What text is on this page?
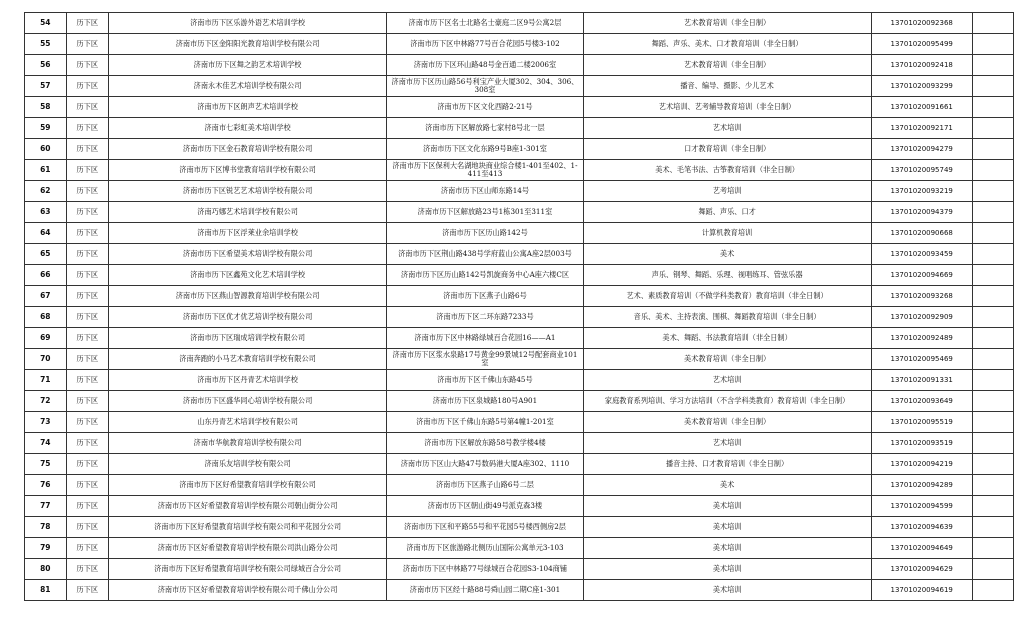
54	历下区	济南市历下区乐游外语艺术培训学校	济南市历下区名士北路名士豪庭二区9号公寓2层	艺术教育培训（非全日制）	13701020092368	
55	历下区	济南市历下区金阳阳光教育培训学校有限公司	济南市历下区中林路77号百合花园5号楼3-102	舞蹈、声乐、美术、口才教育培训（非全日制）	13701020095499	
56	历下区	济南市历下区舞之韵艺术培训学校	济南市历下区环山路48号金百通二楼2006室	艺术教育培训（非全日制）	13701020092418	
57	历下区	济南永木佳艺术培训学校有限公司	济南市历下区历山路56号利宝产业大厦302、304、306、308室	播音、编导、摄影、少儿艺术	13701020093299	
58	历下区	济南市历下区朗声艺术培训学校	济南市历下区文化西路2-21号	艺术培训、艺考辅导教育培训（非全日制）	13701020091661	
59	历下区	济南市七彩虹美术培训学校	济南市历下区解放路七家村8号北一层	艺术培训	13701020092171	
60	历下区	济南市历下区金石教育培训学校有限公司	济南市历下区文化东路9号B座1-301室	口才教育培训（非全日制）	13701020094279	
61	历下区	济南市历下区博书堂教育培训学校有限公司	济南市历下区保利大名湖地块商业综合楼1-401至402、1-411至413	美术、毛笔书法、古筝教育培训（非全日制）	13701020095749	
62	历下区	济南市历下区锐艺艺术培训学校有限公司	济南市历下区山师东路14号	艺考培训	13701020093219	
63	历下区	济南巧娜艺术培训学校有限公司	济南市历下区解放路23号1栋301至311室	舞蹈、声乐、口才	13701020094379	
64	历下区	济南市历下区浮莱业余培训学校	济南市历下区历山路142号	计算机教育培训	13701020090668	
65	历下区	济南市历下区希望美术培训学校有限公司	济南市历下区荆山路438号学府蓝山公寓A座2层003号	美术	13701020093459	
66	历下区	济南市历下区鑫苑文化艺术培训学校	济南市历下区历山路142号凯旋商务中心A座六楼C区	声乐、钢琴、舞蹈、乐理、视唱练耳、管弦乐器	13701020094669	
67	历下区	济南市历下区燕山智源教育培训学校有限公司	济南市历下区燕子山路6号	艺术、素质教育培训（不做学科类教育）教育培训（非全日制）	13701020093268	
68	历下区	济南市历下区优才优艺培训学校有限公司	济南市历下区二环东路7233号	音乐、美术、主持表演、围棋、舞蹈教育培训（非全日制）	13701020092909	
69	历下区	济南市历下区瑞成培训学校有限公司	济南市历下区中林路绿城百合花园16——A1	美术、舞蹈、书法教育培训（非全日制）	13701020092489	
70	历下区	济南奔跑的小马艺术教育培训学校有限公司	济南市历下区浆水泉路17号黄金99景城12号配套商业101室	美术教育培训（非全日制）	13701020095469	
71	历下区	济南市历下区丹青艺术培训学校	济南市历下区千佛山东路45号	艺术培训	13701020091331	
72	历下区	济南市历下区盛华同心培训学校有限公司	济南市历下区泉城路180号A901	家庭教育系列培训、学习方法培训（不含学科类教育）教育培训（非全日制）	13701020093649	
73	历下区	山东丹青艺术培训学校有限公司	济南市历下区千佛山东路5号第4幢1-201室	美术教育培训（非全日制）	13701020095519	
74	历下区	济南市华航教育培训学校有限公司	济南市历下区解放东路58号教学楼4楼	艺术培训	13701020093519	
75	历下区	济南乐友培训学校有限公司	济南市历下区山大路47号数码港大厦A座302、1110	播音主持、口才教育培训（非全日制）	13701020094219	
76	历下区	济南市历下区好希望教育培训学校有限公司	济南市历下区燕子山路6号二层	美术	13701020094289	
77	历下区	济南市历下区好希望教育培训学校有限公司朝山街分公司	济南市历下区朝山街49号派克森3楼	美术培训	13701020094599	
78	历下区	济南市历下区好希望教育培训学校有限公司和平花园分公司	济南市历下区和平路55号和平花园5号楼西侧房2层	美术培训	13701020094639	
79	历下区	济南市历下区好希望教育培训学校有限公司洪山路分公司	济南市历下区旅游路北侧历山国际公寓单元3-103	美术培训	13701020094649	
80	历下区	济南市历下区好希望教育培训学校有限公司绿城百合分公司	济南市历下区中林路77号绿城百合花园S3-104商铺	美术培训	13701020094629	
81	历下区	济南市历下区好希望教育培训学校有限公司千佛山分公司	济南市历下区经十路88号舜山园二期C座1-301	美术培训	13701020094619	
